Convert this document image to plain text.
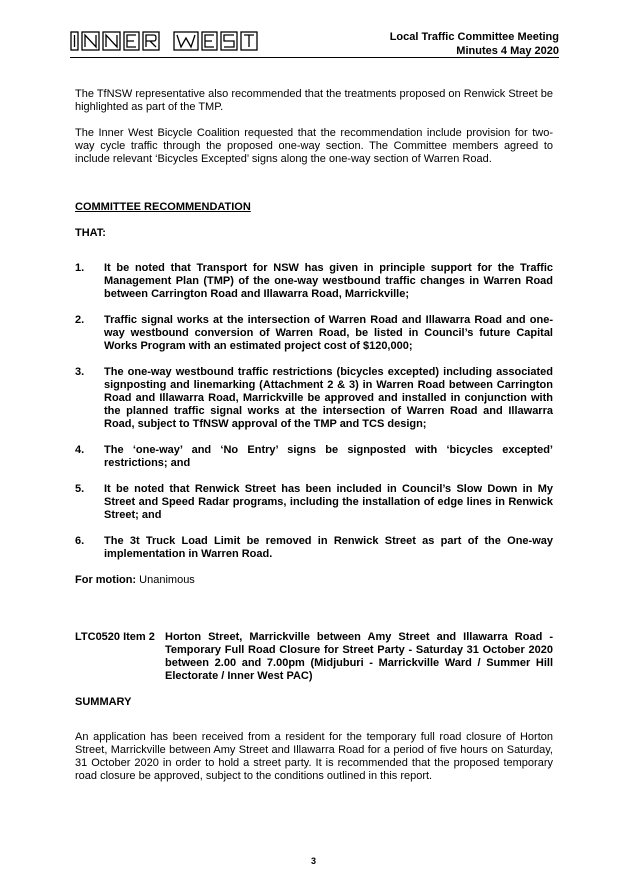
Local Traffic Committee Meeting
Minutes 4 May 2020

The TfNSW representative also recommended that the treatments proposed on Renwick Street be highlighted as part of the TMP.

The Inner West Bicycle Coalition requested that the recommendation include provision for two-way cycle traffic through the proposed one-way section. The Committee members agreed to include relevant ‘Bicycles Excepted’ signs along the one-way section of Warren Road.

COMMITTEE RECOMMENDATION

THAT:

1.	It be noted that Transport for NSW has given in principle support for the Traffic Management Plan (TMP) of the one-way westbound traffic changes in Warren Road between Carrington Road and Illawarra Road, Marrickville;
2.	Traffic signal works at the intersection of Warren Road and Illawarra Road and one-way westbound conversion of Warren Road, be listed in Council’s future Capital Works Program with an estimated project cost of $120,000;
3.	The one-way westbound traffic restrictions (bicycles excepted) including associated signposting and linemarking (Attachment 2 & 3) in Warren Road between Carrington Road and Illawarra Road, Marrickville be approved and installed in conjunction with the planned traffic signal works at the intersection of Warren Road and Illawarra Road, subject to TfNSW approval of the TMP and TCS design;
4.	The ‘one-way’ and ‘No Entry’ signs be signposted with ‘bicycles excepted’ restrictions; and
5.	It be noted that Renwick Street has been included in Council’s Slow Down in My Street and Speed Radar programs, including the installation of edge lines in Renwick Street; and
6.	The 3t Truck Load Limit be removed in Renwick Street as part of the One-way implementation in Warren Road.

For motion: Unanimous

LTC0520 Item 2 Horton Street, Marrickville between Amy Street and Illawarra Road - Temporary Full Road Closure for Street Party - Saturday 31 October 2020 between 2.00 and 7.00pm (Midjuburi - Marrickville Ward / Summer Hill Electorate / Inner West PAC)

SUMMARY

An application has been received from a resident for the temporary full road closure of Horton Street, Marrickville between Amy Street and Illawarra Road for a period of five hours on Saturday, 31 October 2020 in order to hold a street party. It is recommended that the proposed temporary road closure be approved, subject to the conditions outlined in this report.

3
